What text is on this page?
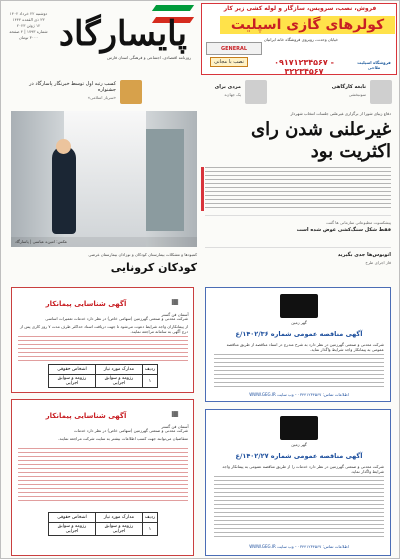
پایسارگاد
روزنامه اقتصادی، اجتماعی و فرهنگی استان فارس
دوشنبه ۲۲ خرداد ۱۴۰۲
۲۳ ذی القعده ۱۴۴۴
۱۲ ژوئن ۲۰۲۳
شماره ۱۷۹۳ | ۴ صفحه ۳۰۰۰ تومان
فروش، نصب، سرویس، سازگار و لوله کشی زیر کار
کولرهای گازی اسپلیت
خیابان وحدت، روبروی فروشگاه خانه ایرانیان
GENERAL
نصب با مجانی	۰۹۱۷۱۲۳۴۵۶۷ - ۳۲۲۳۴۵۶۷
فروشگاه اسپلیت ملاحی
نابغه کارگاهی
سونبخشی
مردی برای
یک جهان‌ه
کسب رتبه اول توسط خبرنگار پاسارگاد در جشنواره
«سرباز اسلامی»
دفاع زیبای شورا از برگزاری غیرعلنی جلسات انتخاب شهردار
غیرعلنی شدن رای اکثریت بود
پیشکسوت مطبوعاتی سازمانی ها گفت
فقط شکل سنگ‌کشی عوض شده است
اتوبوس‌ها جدی بگیرید
فاز اجرای طرح
عکس: امین‌ه عباسی | پاسارگاد
کمبودها و مشکلات بیمارستان کودکان و نوزادان بیمارستان غرضی
کودکان کرونایی
▦
آسمان فن گستر
آگهی شناسایی پیمانکار
شرکت معدنی و صنعتی گهرزمین (سهامی خاص) در نظر دارد خدمات تعمیرات اساسی
از پیمانکاران واجد شرایط دعوت می‌شود تا جهت دریافت اسناد حداکثر ظرف مدت ۷ روز کاری پس از درج آگهی به سامانه مراجعه نمایند.
ردیف	مدارک مورد نیاز	اشخاص حقوقی
۱	رزومه و سوابق اجرایی	رزومه و سوابق اجرایی
▦
آسمان فن گستر
آگهی شناسایی پیمانکار
شرکت معدنی و صنعتی گهرزمین (سهامی خاص) در نظر دارد خدمات
متقاضیان می‌توانند جهت کسب اطلاعات بیشتر به سایت شرکت مراجعه نمایند.
ردیف	مدارک مورد نیاز	اشخاص حقوقی
۱	رزومه و سوابق اجرایی	رزومه و سوابق اجرایی
گهر زمین
آگهی مناقصه عمومی شماره ۱۴۰۲/۳۶/ع
شرکت معدنی و صنعتی گهرزمین در نظر دارد به شرح مندرج در اسناد مناقصه از طریق مناقصه عمومی به پیمانکار واجد شرایط واگذار نماید.
اطلاعات تماس: ۰۳۴۴۱۲۳۴۵۶۷ - وب سایت WWW.GEG.IR
گهر زمین
آگهی مناقصه عمومی شماره ۱۴۰۲/۲۷/ع
شرکت معدنی و صنعتی گهرزمین در نظر دارد خدمات را از طریق مناقصه عمومی به پیمانکار واجد شرایط واگذار نماید.
اطلاعات تماس: ۰۳۴۴۱۲۳۴۵۶۷ - وب سایت WWW.GEG.IR
